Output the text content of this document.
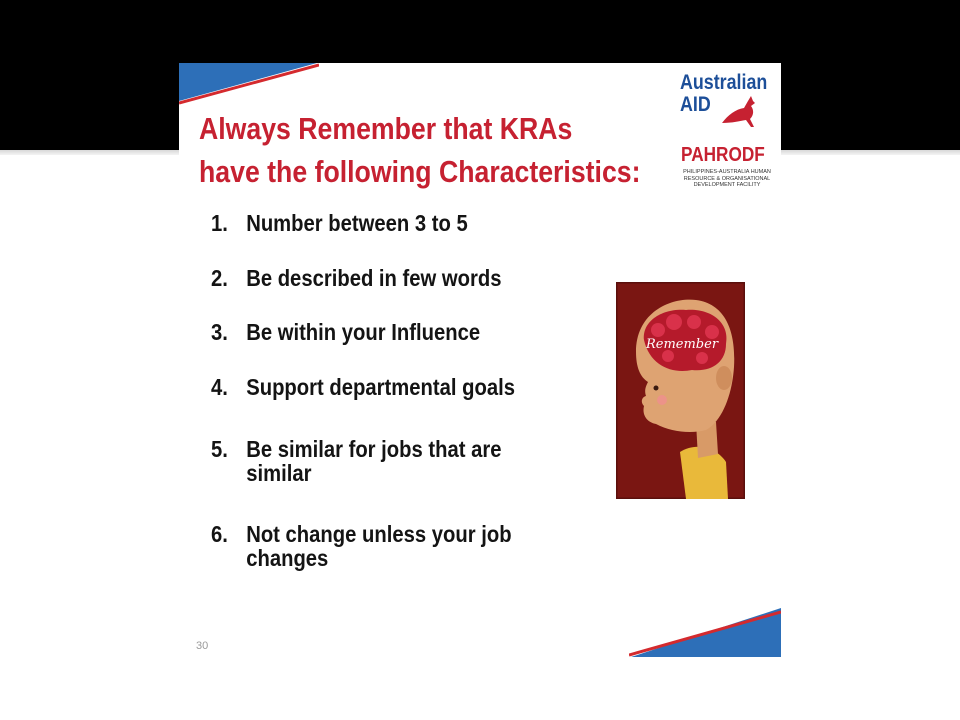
Always Remember that KRAs
have the following Characteristics:
1. Number between 3 to 5
2. Be described in few words
3. Be within your Influence
4. Support departmental goals
5. Be similar for jobs that are
similar
6. Not change unless your job
changes
Australian
AID
PAHRODF
PHILIPPINES-AUSTRALIA HUMAN RESOURCE & ORGANISATIONAL DEVELOPMENT FACILITY
Remember
30
